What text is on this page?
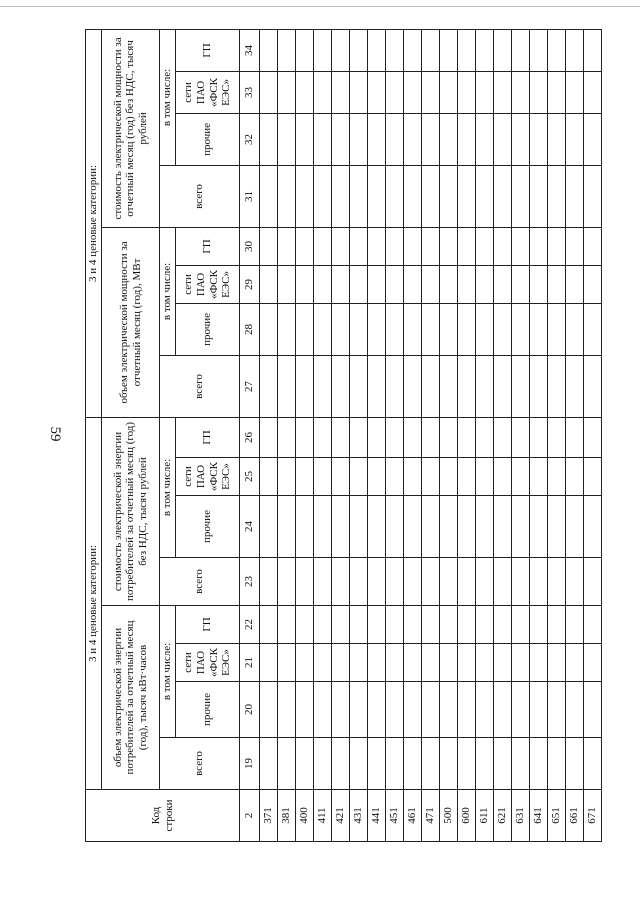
59
Код строки	3 и 4 ценовые категории:								3 и 4 ценовые категории:							
	объем электрической энергии потребителей за отчетный месяц (год), тысяч кВт·часов				стоимость электрической энергии потребителей за отчетный месяц (год) без НДС, тысяч рублей				объем электрической мощности за отчетный месяц (год), МВт				стоимость электрической мощности за отчетный месяц (год) без НДС, тысяч рублей			
	всего	в том числе:			всего	в том числе:			всего	в том числе:			всего	в том числе:		
		прочие	сети ПАО «ФСК ЕЭС»	ГП		прочие	сети ПАО «ФСК ЕЭС»	ГП		прочие	сети ПАО «ФСК ЕЭС»	ГП		прочие	сети ПАО «ФСК ЕЭС»	ГП
2	19	20	21	22	23	24	25	26	27	28	29	30	31	32	33	34
371																
381																
400																
411																
421																
431																
441																
451																
461																
471																
500																
600																
611																
621																
631																
641																
651																
661																
671																
